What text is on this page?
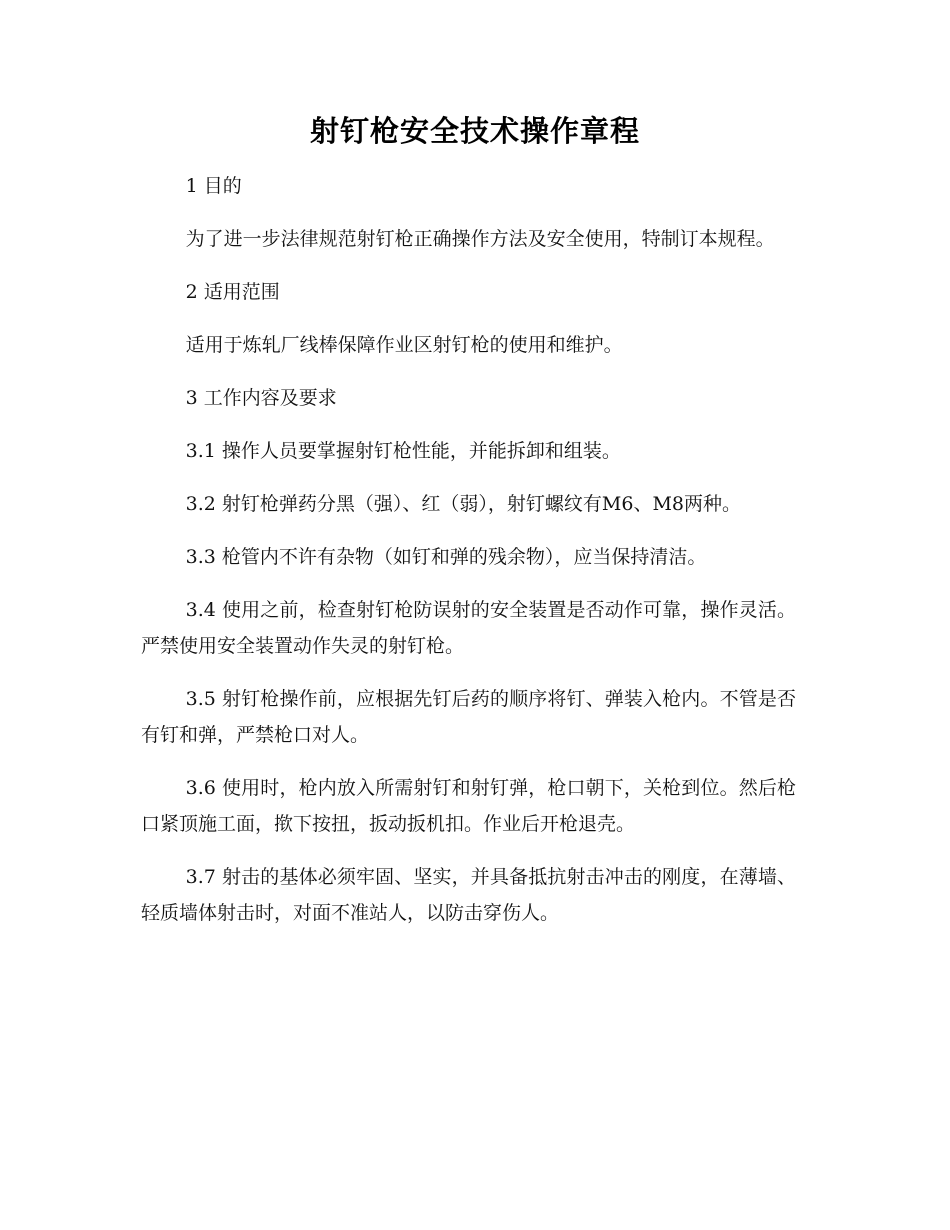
射钉枪安全技术操作章程

1 目的

为了进一步法律规范射钉枪正确操作方法及安全使用，特制订本规程。

2 适用范围

适用于炼轧厂线棒保障作业区射钉枪的使用和维护。

3 工作内容及要求

3.1 操作人员要掌握射钉枪性能，并能拆卸和组装。

3.2 射钉枪弹药分黑（强）、红（弱），射钉螺纹有M6、M8两种。

3.3 枪管内不许有杂物（如钉和弹的残余物），应当保持清洁。

3.4 使用之前，检查射钉枪防误射的安全装置是否动作可靠，操作灵活。严禁使用安全装置动作失灵的射钉枪。

3.5 射钉枪操作前，应根据先钉后药的顺序将钉、弹装入枪内。不管是否有钉和弹，严禁枪口对人。

3.6 使用时，枪内放入所需射钉和射钉弹，枪口朝下，关枪到位。然后枪口紧顶施工面，揿下按扭，扳动扳机扣。作业后开枪退壳。

3.7 射击的基体必须牢固、坚实，并具备抵抗射击冲击的刚度，在薄墙、轻质墙体射击时，对面不准站人，以防击穿伤人。
